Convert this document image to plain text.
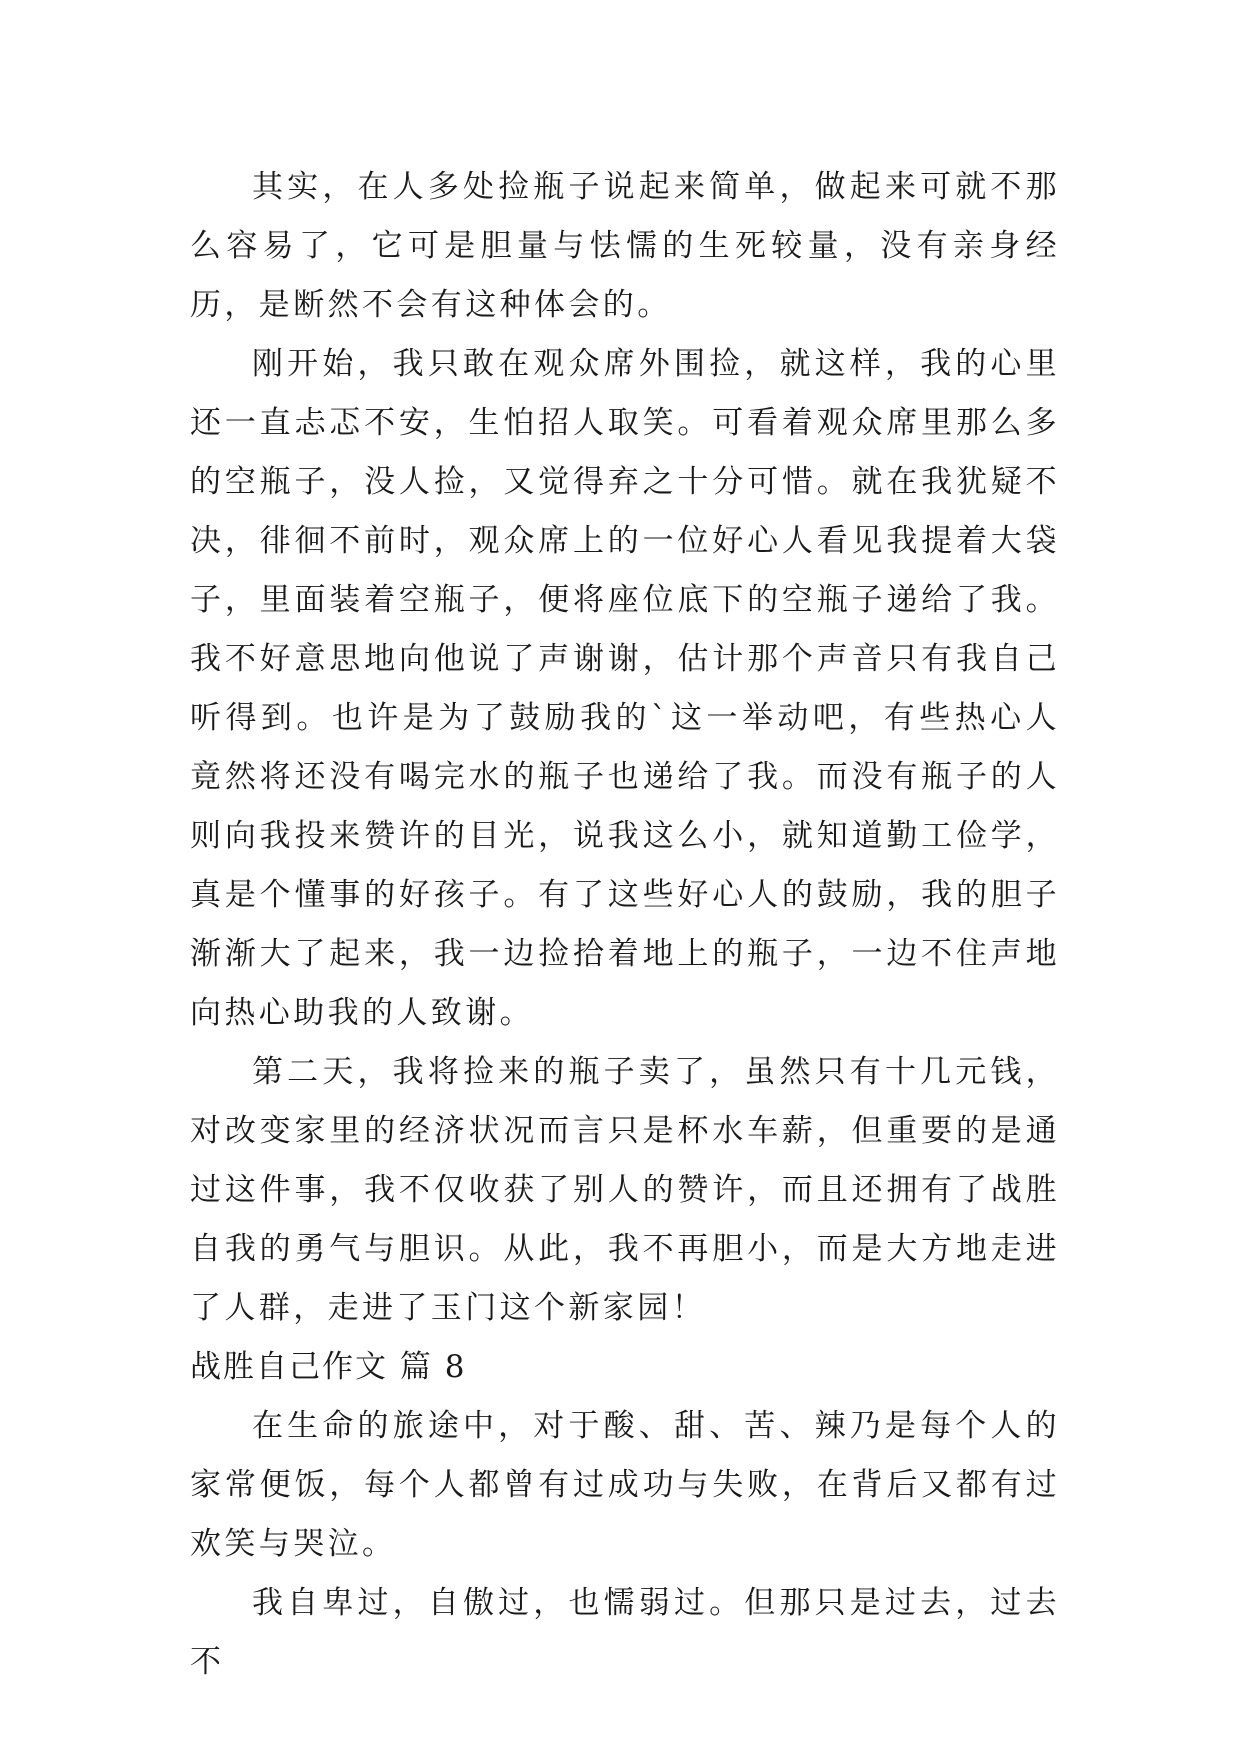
其实，在人多处捡瓶子说起来简单，做起来可就不那么容易了，它可是胆量与怯懦的生死较量，没有亲身经历，是断然不会有这种体会的。

刚开始，我只敢在观众席外围捡，就这样，我的心里还一直忐忑不安，生怕招人取笑。可看着观众席里那么多的空瓶子，没人捡，又觉得弃之十分可惜。就在我犹疑不决，徘徊不前时，观众席上的一位好心人看见我提着大袋子，里面装着空瓶子，便将座位底下的空瓶子递给了我。我不好意思地向他说了声谢谢，估计那个声音只有我自己听得到。也许是为了鼓励我的`这一举动吧，有些热心人竟然将还没有喝完水的瓶子也递给了我。而没有瓶子的人则向我投来赞许的目光，说我这么小，就知道勤工俭学，真是个懂事的好孩子。有了这些好心人的鼓励，我的胆子渐渐大了起来，我一边捡拾着地上的瓶子，一边不住声地向热心助我的人致谢。

第二天，我将捡来的瓶子卖了，虽然只有十几元钱，对改变家里的经济状况而言只是杯水车薪，但重要的是通过这件事，我不仅收获了别人的赞许，而且还拥有了战胜自我的勇气与胆识。从此，我不再胆小，而是大方地走进了人群，走进了玉门这个新家园！

战胜自己作文 篇 8

在生命的旅途中，对于酸、甜、苦、辣乃是每个人的家常便饭，每个人都曾有过成功与失败，在背后又都有过欢笑与哭泣。

我自卑过，自傲过，也懦弱过。但那只是过去，过去不
